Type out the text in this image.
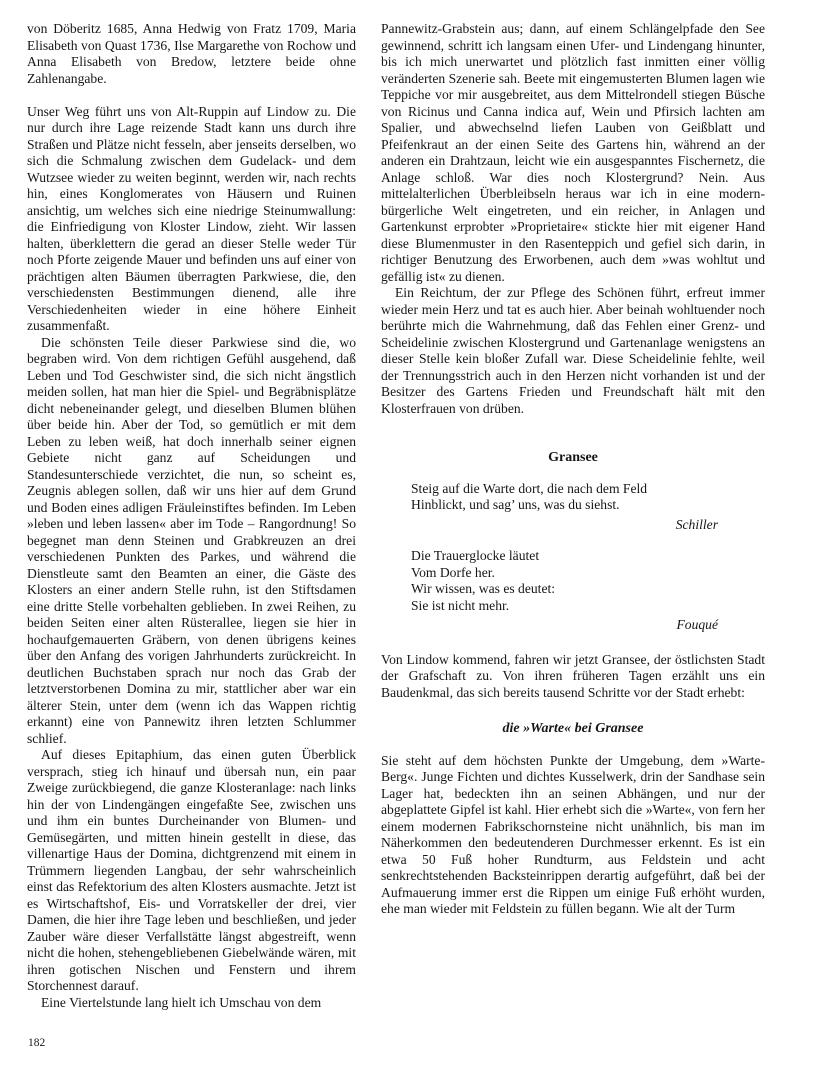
von Döberitz 1685, Anna Hedwig von Fratz 1709, Maria Elisabeth von Quast 1736, Ilse Margarethe von Rochow und Anna Elisabeth von Bredow, letztere beide ohne Zahlenangabe.

Unser Weg führt uns von Alt-Ruppin auf Lindow zu. Die nur durch ihre Lage reizende Stadt kann uns durch ihre Straßen und Plätze nicht fesseln, aber jenseits derselben, wo sich die Schmalung zwischen dem Gudelack- und dem Wutzsee wieder zu weiten beginnt, werden wir, nach rechts hin, eines Konglomerates von Häusern und Ruinen ansichtig, um welches sich eine niedrige Steinumwallung: die Einfriedigung von Kloster Lindow, zieht. Wir lassen halten, überklettern die gerad an dieser Stelle weder Tür noch Pforte zeigende Mauer und befinden uns auf einer von prächtigen alten Bäumen überragten Parkwiese, die, den verschiedensten Bestimmungen dienend, alle ihre Verschiedenheiten wieder in eine höhere Einheit zusammenfaßt.

Die schönsten Teile dieser Parkwiese sind die, wo begraben wird. Von dem richtigen Gefühl ausgehend, daß Leben und Tod Geschwister sind, die sich nicht ängstlich meiden sollen, hat man hier die Spiel- und Begräbnisplätze dicht nebeneinander gelegt, und dieselben Blumen blühen über beide hin. Aber der Tod, so gemütlich er mit dem Leben zu leben weiß, hat doch innerhalb seiner eignen Gebiete nicht ganz auf Scheidungen und Standesunterschiede verzichtet, die nun, so scheint es, Zeugnis ablegen sollen, daß wir uns hier auf dem Grund und Boden eines adligen Fräuleinstiftes befinden. Im Leben »leben und leben lassen« aber im Tode – Rangordnung! So begegnet man denn Steinen und Grabkreuzen an drei verschiedenen Punkten des Parkes, und während die Dienstleute samt den Beamten an einer, die Gäste des Klosters an einer andern Stelle ruhn, ist den Stiftsdamen eine dritte Stelle vorbehalten geblieben. In zwei Reihen, zu beiden Seiten einer alten Rüsterallee, liegen sie hier in hochaufgemauerten Gräbern, von denen übrigens keines über den Anfang des vorigen Jahrhunderts zurückreicht. In deutlichen Buchstaben sprach nur noch das Grab der letztverstorbenen Domina zu mir, stattlicher aber war ein älterer Stein, unter dem (wenn ich das Wappen richtig erkannt) eine von Pannewitz ihren letzten Schlummer schlief.

Auf dieses Epitaphium, das einen guten Überblick versprach, stieg ich hinauf und übersah nun, ein paar Zweige zurückbiegend, die ganze Klosteranlage: nach links hin der von Lindengängen eingefaßte See, zwischen uns und ihm ein buntes Durcheinander von Blumen- und Gemüsegärten, und mitten hinein gestellt in diese, das villenartige Haus der Domina, dichtgrenzend mit einem in Trümmern liegenden Langbau, der sehr wahrscheinlich einst das Refektorium des alten Klosters ausmachte. Jetzt ist es Wirtschaftshof, Eis- und Vorratskeller der drei, vier Damen, die hier ihre Tage leben und beschließen, und jeder Zauber wäre dieser Verfallstätte längst abgestreift, wenn nicht die hohen, stehengebliebenen Giebelwände wären, mit ihren gotischen Nischen und Fenstern und ihrem Storchennest darauf.

Eine Viertelstunde lang hielt ich Umschau von dem

Pannewitz-Grabstein aus; dann, auf einem Schlängelpfade den See gewinnend, schritt ich langsam einen Ufer- und Lindengang hinunter, bis ich mich unerwartet und plötzlich fast inmitten einer völlig veränderten Szenerie sah. Beete mit eingemusterten Blumen lagen wie Teppiche vor mir ausgebreitet, aus dem Mittelrondell stiegen Büsche von Ricinus und Canna indica auf, Wein und Pfirsich lachten am Spalier, und abwechselnd liefen Lauben von Geißblatt und Pfeifenkraut an der einen Seite des Gartens hin, während an der anderen ein Drahtzaun, leicht wie ein ausgespanntes Fischernetz, die Anlage schloß. War dies noch Klostergrund? Nein. Aus mittelalterlichen Überbleibseln heraus war ich in eine modern-bürgerliche Welt eingetreten, und ein reicher, in Anlagen und Gartenkunst erprobter »Proprietaire« stickte hier mit eigener Hand diese Blumenmuster in den Rasenteppich und gefiel sich darin, in richtiger Benutzung des Erworbenen, auch dem »was wohltut und gefällig ist« zu dienen.

Ein Reichtum, der zur Pflege des Schönen führt, erfreut immer wieder mein Herz und tat es auch hier. Aber beinah wohltuender noch berührte mich die Wahrnehmung, daß das Fehlen einer Grenz- und Scheidelinie zwischen Klostergrund und Gartenanlage wenigstens an dieser Stelle kein bloßer Zufall war. Diese Scheidelinie fehlte, weil der Trennungsstrich auch in den Herzen nicht vorhanden ist und der Besitzer des Gartens Frieden und Freundschaft hält mit den Klosterfrauen von drüben.

Gransee
Steig auf die Warte dort, die nach dem Feld
Hinblickt, und sag’ uns, was du siehst.
Schiller
Die Trauerglocke läutet
Vom Dorfe her.
Wir wissen, was es deutet:
Sie ist nicht mehr.
Fouqué

Von Lindow kommend, fahren wir jetzt Gransee, der östlichsten Stadt der Grafschaft zu. Von ihren früheren Tagen erzählt uns ein Baudenkmal, das sich bereits tausend Schritte vor der Stadt erhebt:

die »Warte« bei Gransee

Sie steht auf dem höchsten Punkte der Umgebung, dem »Warte-Berg«. Junge Fichten und dichtes Kusselwerk, drin der Sandhase sein Lager hat, bedeckten ihn an seinen Abhängen, und nur der abgeplattete Gipfel ist kahl. Hier erhebt sich die »Warte«, von fern her einem modernen Fabrikschornsteine nicht unähnlich, bis man im Näherkommen den bedeutenderen Durchmesser erkennt. Es ist ein etwa 50 Fuß hoher Rundturm, aus Feldstein und acht senkrechtstehenden Backsteinrippen derartig aufgeführt, daß bei der Aufmauerung immer erst die Rippen um einige Fuß erhöht wurden, ehe man wieder mit Feldstein zu füllen begann. Wie alt der Turm

182
